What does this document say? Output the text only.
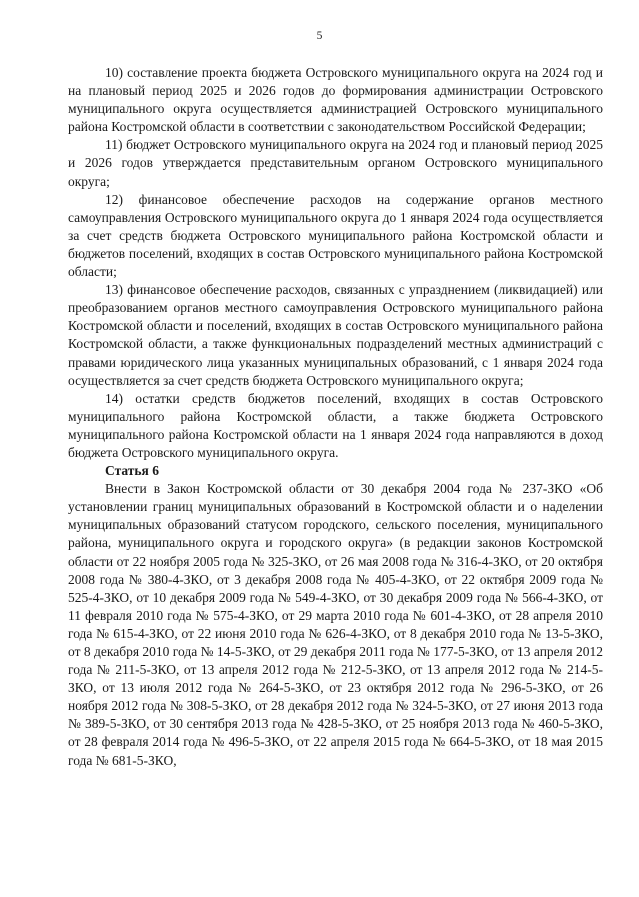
5

10) составление проекта бюджета Островского муниципального округа на 2024 год и на плановый период 2025 и 2026 годов до формирования администрации Островского муниципального округа осуществляется администрацией Островского муниципального района Костромской области в соответствии с законодательством Российской Федерации;

11) бюджет Островского муниципального округа на 2024 год и плановый период 2025 и 2026 годов утверждается представительным органом Островского муниципального округа;

12) финансовое обеспечение расходов на содержание органов местного самоуправления Островского муниципального округа до 1 января 2024 года осуществляется за счет средств бюджета Островского муниципального района Костромской области и бюджетов поселений, входящих в состав Островского муниципального района Костромской области;

13) финансовое обеспечение расходов, связанных с упразднением (ликвидацией) или преобразованием органов местного самоуправления Островского муниципального района Костромской области и поселений, входящих в состав Островского муниципального района Костромской области, а также функциональных подразделений местных администраций с правами юридического лица указанных муниципальных образований, с 1 января 2024 года осуществляется за счет средств бюджета Островского муниципального округа;

14) остатки средств бюджетов поселений, входящих в состав Островского муниципального района Костромской области, а также бюджета Островского муниципального района Костромской области на 1 января 2024 года направляются в доход бюджета Островского муниципального округа.

Статья 6

Внести в Закон Костромской области от 30 декабря 2004 года № 237-ЗКО «Об установлении границ муниципальных образований в Костромской области и о наделении муниципальных образований статусом городского, сельского поселения, муниципального района, муниципального округа и городского округа» (в редакции законов Костромской области от 22 ноября 2005 года № 325-ЗКО, от 26 мая 2008 года № 316-4-ЗКО, от 20 октября 2008 года № 380-4-ЗКО, от 3 декабря 2008 года № 405-4-ЗКО, от 22 октября 2009 года № 525-4-ЗКО, от 10 декабря 2009 года № 549-4-ЗКО, от 30 декабря 2009 года № 566-4-ЗКО, от 11 февраля 2010 года № 575-4-ЗКО, от 29 марта 2010 года № 601-4-ЗКО, от 28 апреля 2010 года № 615-4-ЗКО, от 22 июня 2010 года № 626-4-ЗКО, от 8 декабря 2010 года № 13-5-ЗКО, от 8 декабря 2010 года № 14-5-ЗКО, от 29 декабря 2011 года № 177-5-ЗКО, от 13 апреля 2012 года № 211-5-ЗКО, от 13 апреля 2012 года № 212-5-ЗКО, от 13 апреля 2012 года № 214-5-ЗКО, от 13 июля 2012 года № 264-5-ЗКО, от 23 октября 2012 года № 296-5-ЗКО, от 26 ноября 2012 года № 308-5-ЗКО, от 28 декабря 2012 года № 324-5-ЗКО, от 27 июня 2013 года № 389-5-ЗКО, от 30 сентября 2013 года № 428-5-ЗКО, от 25 ноября 2013 года № 460-5-ЗКО, от 28 февраля 2014 года № 496-5-ЗКО, от 22 апреля 2015 года № 664-5-ЗКО, от 18 мая 2015 года № 681-5-ЗКО,
